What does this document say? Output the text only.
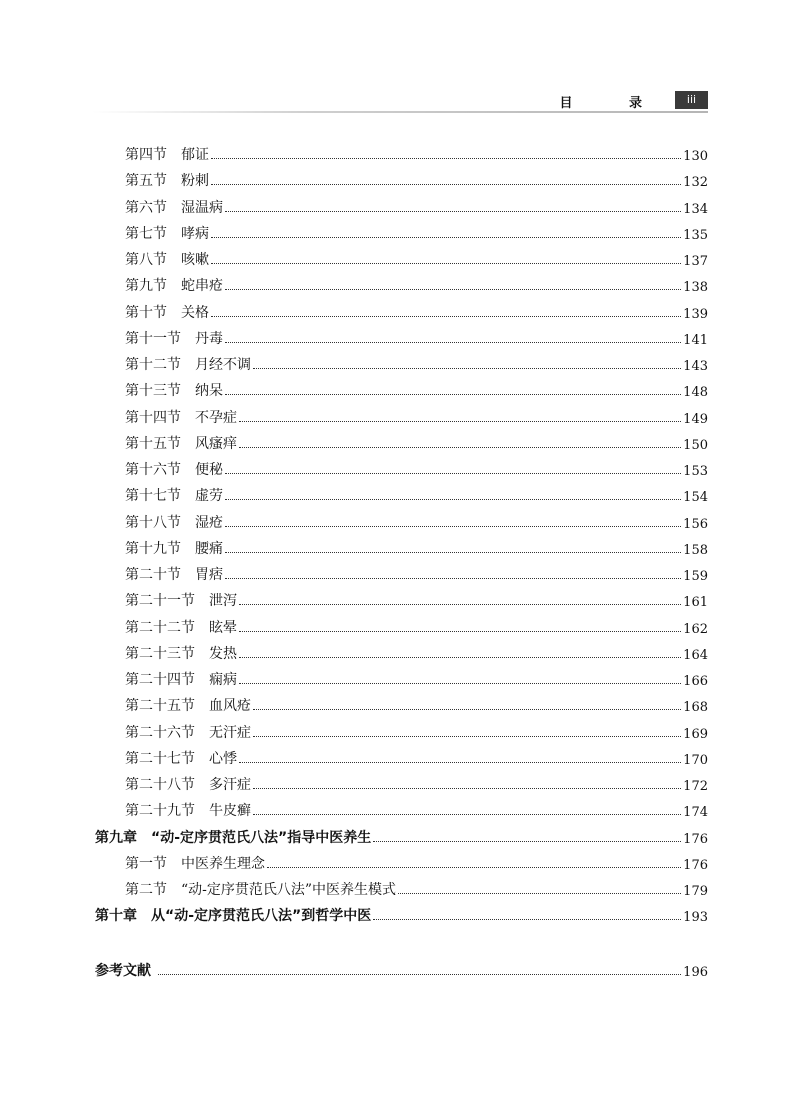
目 录	iii
第四节　郁证	130
第五节　粉刺	132
第六节　湿温病	134
第七节　哮病	135
第八节　咳嗽	137
第九节　蛇串疮	138
第十节　关格	139
第十一节　丹毒	141
第十二节　月经不调	143
第十三节　纳呆	148
第十四节　不孕症	149
第十五节　风瘙痒	150
第十六节　便秘	153
第十七节　虚劳	154
第十八节　湿疮	156
第十九节　腰痛	158
第二十节　胃痞	159
第二十一节　泄泻	161
第二十二节　眩晕	162
第二十三节　发热	164
第二十四节　痫病	166
第二十五节　血风疮	168
第二十六节　无汗症	169
第二十七节　心悸	170
第二十八节　多汗症	172
第二十九节　牛皮癣	174
第九章　“动-定序贯范氏八法”指导中医养生	176
第一节　中医养生理念	176
第二节　“动-定序贯范氏八法”中医养生模式	179
第十章　从“动-定序贯范氏八法”到哲学中医	193
参考文献	196
